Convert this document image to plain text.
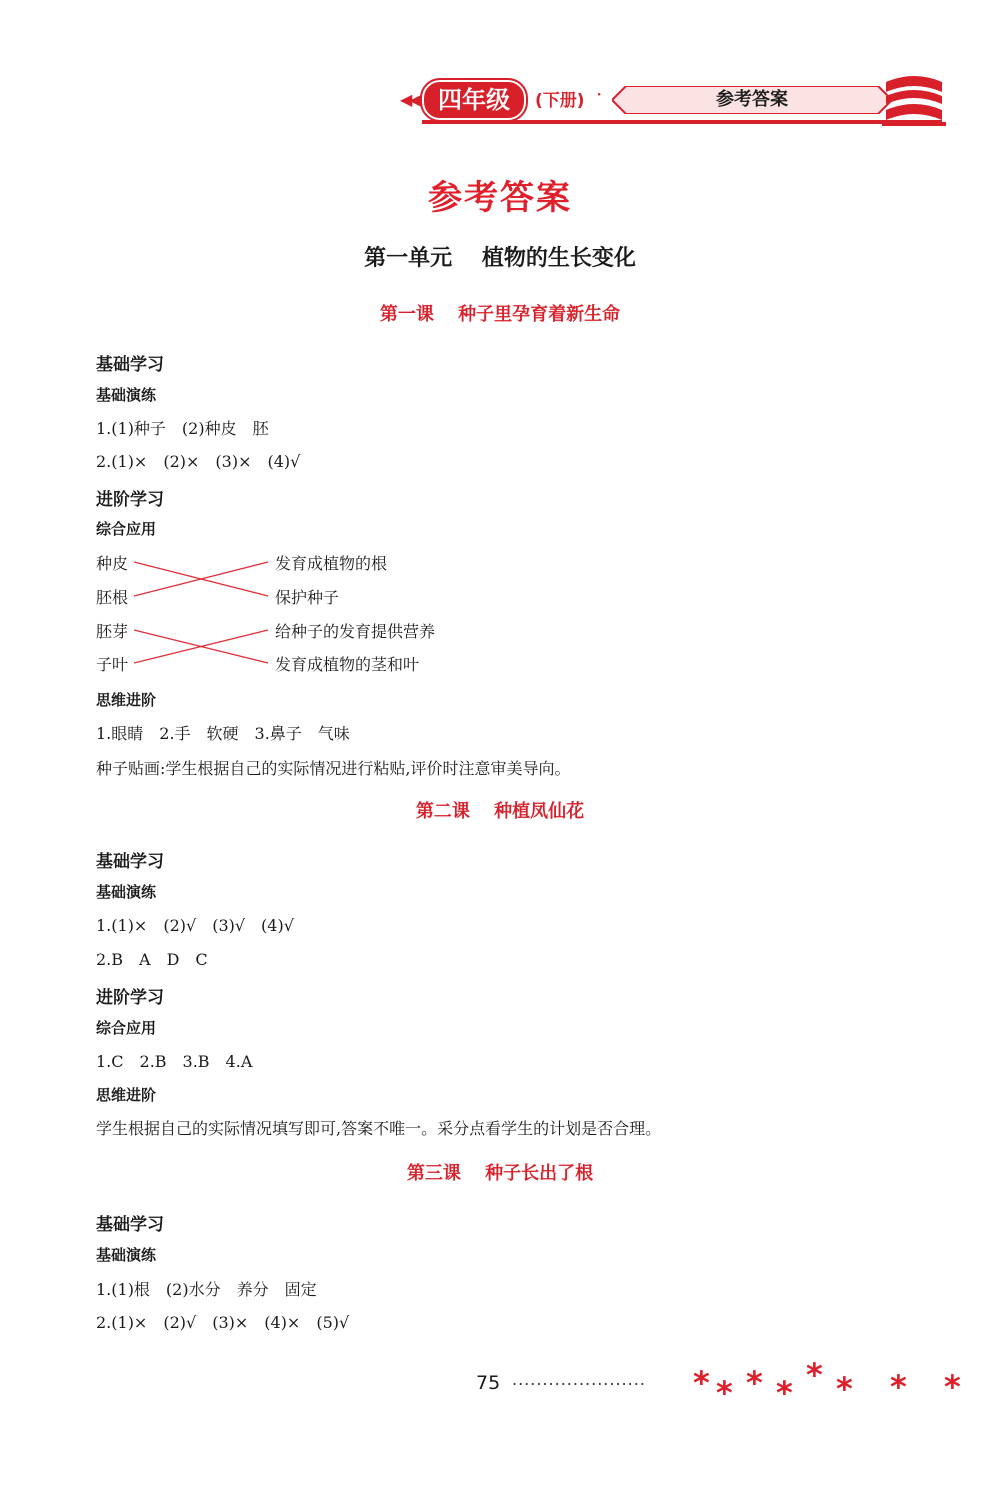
◀◀ 四年级	(下册) ·	参考答案
参考答案
第一单元　 植物的生长变化
第一课　 种子里孕育着新生命
基础学习
基础演练
1.(1)种子　(2)种皮　胚
2.(1)×　(2)×　(3)×　(4)√
进阶学习
综合应用
种皮
胚根
胚芽
子叶
发育成植物的根
保护种子
给种子的发育提供营养
发育成植物的茎和叶
思维进阶
1.眼睛　2.手　软硬　3.鼻子　气味
种子贴画:学生根据自己的实际情况进行粘贴,评价时注意审美导向。
第二课　 种植凤仙花
基础学习
基础演练
1.(1)×　(2)√　(3)√　(4)√
2.B　A　D　C
进阶学习
综合应用
1.C　2.B　3.B　4.A
思维进阶
学生根据自己的实际情况填写即可,答案不唯一。采分点看学生的计划是否合理。
第三课　 种子长出了根
基础学习
基础演练
1.(1)根　(2)水分　养分　固定
2.(1)×　(2)√　(3)×　(4)×　(5)√
75 ...................... * * * * * * * *
